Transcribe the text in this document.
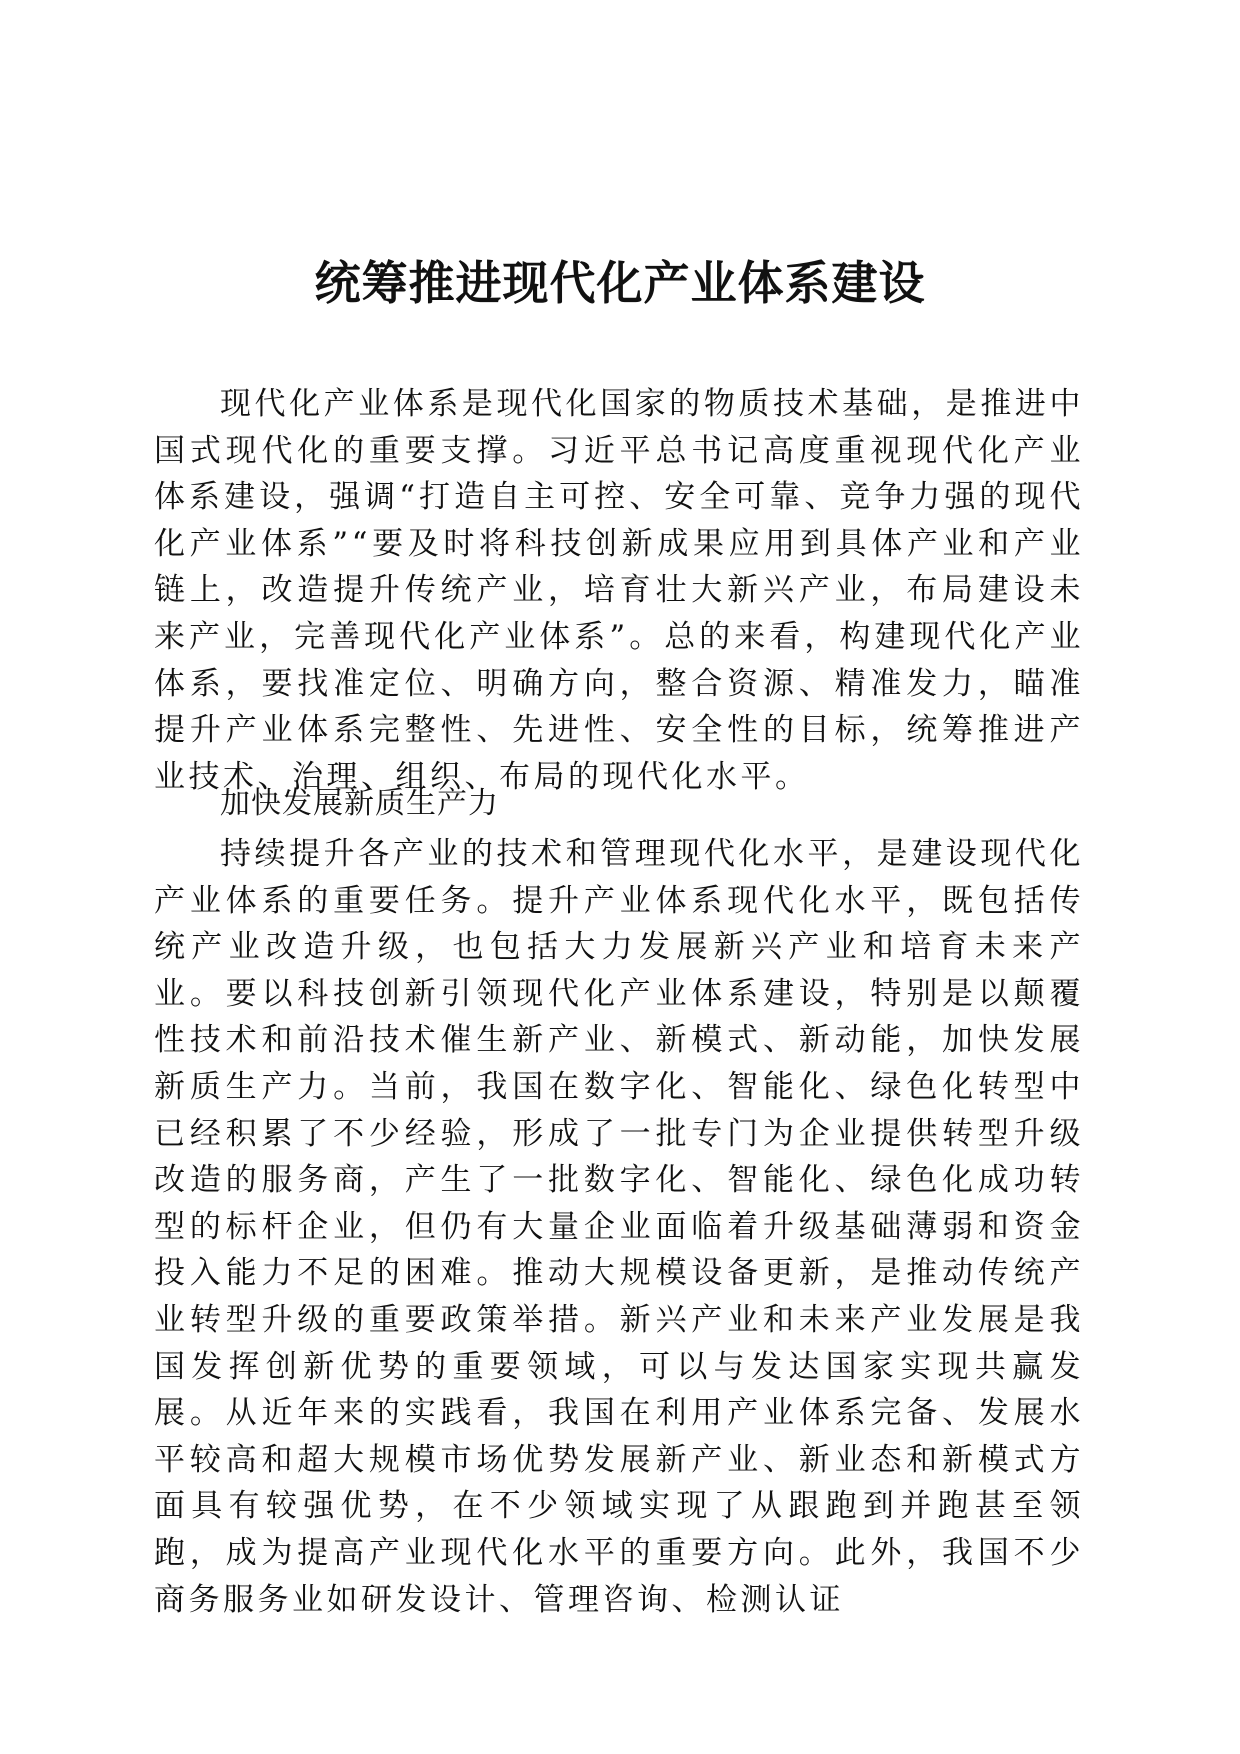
统筹推进现代化产业体系建设

现代化产业体系是现代化国家的物质技术基础，是推进中国式现代化的重要支撑。习近平总书记高度重视现代化产业体系建设，强调“打造自主可控、安全可靠、竞争力强的现代化产业体系”“要及时将科技创新成果应用到具体产业和产业链上，改造提升传统产业，培育壮大新兴产业，布局建设未来产业，完善现代化产业体系”。总的来看，构建现代化产业体系，要找准定位、明确方向，整合资源、精准发力，瞄准提升产业体系完整性、先进性、安全性的目标，统筹推进产业技术、治理、组织、布局的现代化水平。

加快发展新质生产力

持续提升各产业的技术和管理现代化水平，是建设现代化产业体系的重要任务。提升产业体系现代化水平，既包括传统产业改造升级，也包括大力发展新兴产业和培育未来产业。要以科技创新引领现代化产业体系建设，特别是以颠覆性技术和前沿技术催生新产业、新模式、新动能，加快发展新质生产力。当前，我国在数字化、智能化、绿色化转型中已经积累了不少经验，形成了一批专门为企业提供转型升级改造的服务商，产生了一批数字化、智能化、绿色化成功转型的标杆企业，但仍有大量企业面临着升级基础薄弱和资金投入能力不足的困难。推动大规模设备更新，是推动传统产业转型升级的重要政策举措。新兴产业和未来产业发展是我国发挥创新优势的重要领域，可以与发达国家实现共赢发展。从近年来的实践看，我国在利用产业体系完备、发展水平较高和超大规模市场优势发展新产业、新业态和新模式方面具有较强优势，在不少领域实现了从跟跑到并跑甚至领跑，成为提高产业现代化水平的重要方向。此外，我国不少商务服务业如研发设计、管理咨询、检测认证
